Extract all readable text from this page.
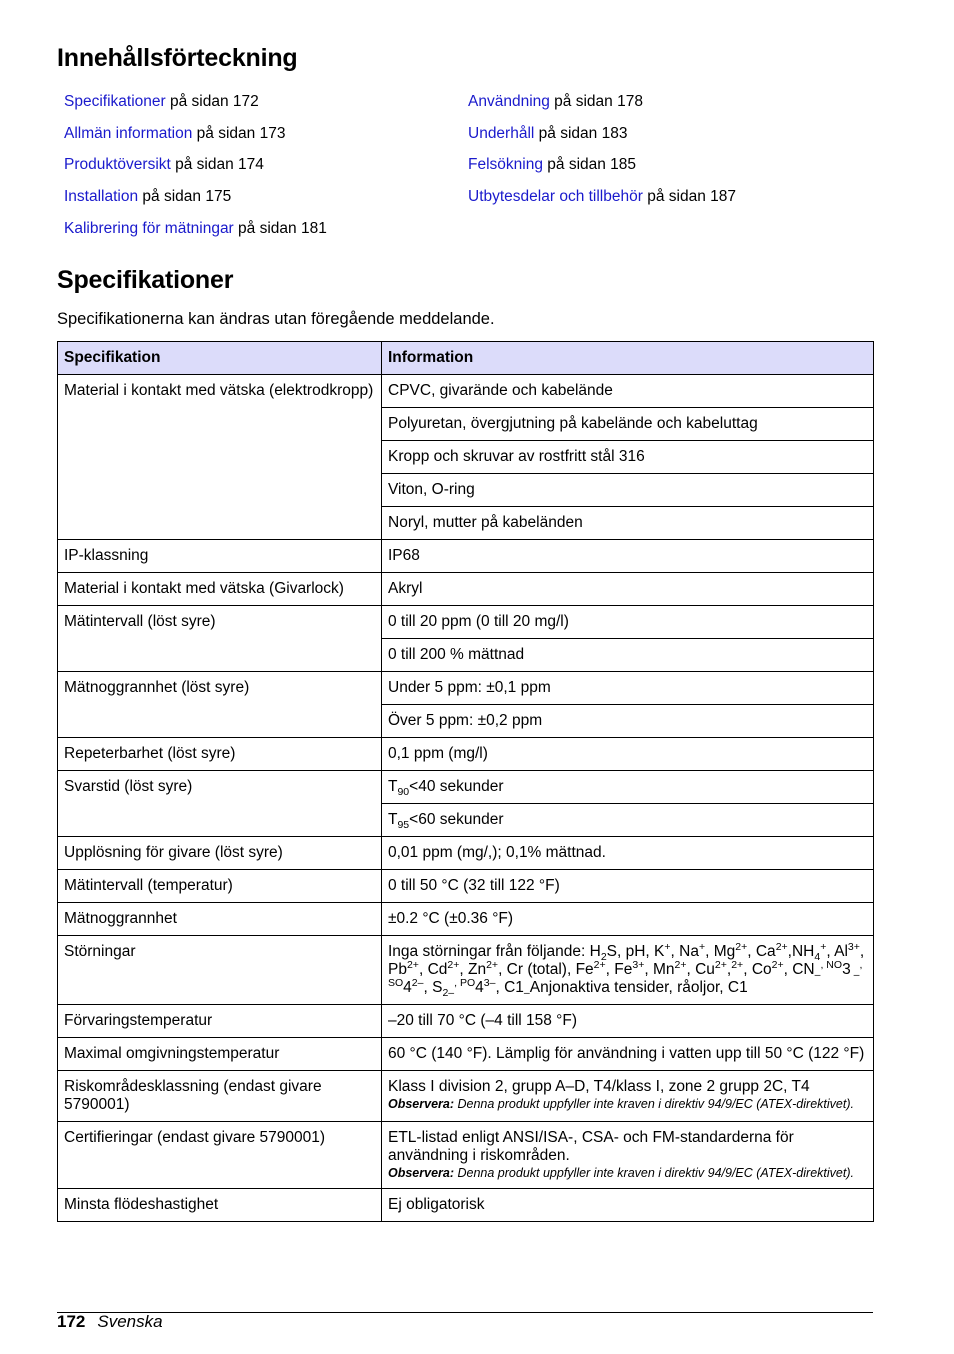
Innehållsförteckning
Specifikationer på sidan 172
Allmän information på sidan 173
Produktöversikt på sidan 174
Installation på sidan 175
Kalibrering för mätningar på sidan 181
Användning på sidan 178
Underhåll på sidan 183
Felsökning på sidan 185
Utbytesdelar och tillbehör på sidan 187
Specifikationer
Specifikationerna kan ändras utan föregående meddelande.
Specifikation	Information
Material i kontakt med vätska (elektrodkropp)	CPVC, givarände och kabelände
	Polyuretan, övergjutning på kabelände och kabeluttag
	Kropp och skruvar av rostfritt stål 316
	Viton, O-ring
	Noryl, mutter på kabeländen
IP-klassning	IP68
Material i kontakt med vätska (Givarlock)	Akryl
Mätintervall (löst syre)	0 till 20 ppm (0 till 20 mg/l)
	0 till 200 % mättnad
Mätnoggrannhet (löst syre)	Under 5 ppm: ±0,1 ppm
	Över 5 ppm: ±0,2 ppm
Repeterbarhet (löst syre)	0,1 ppm (mg/l)
Svarstid (löst syre)	$T_{90}<40$ sekunder
	$T_{95}<60$ sekunder
Upplösning för givare (löst syre)	0,01 ppm (mg/,); 0,1% mättnad.
Mätintervall (temperatur)	0 till 50 °C (32 till 122 °F)
Mätnoggrannhet	±0.2 °C (±0.36 °F)
Störningar	Inga störningar från följande: $H_2S$, pH, K+, Na+, $Mg^{2+}$, $Ca^{2+},NH_4^+$, $Al^{3+}$, $Pb^{2+}$, $Cd^{2+}$, $Zn^{2+}$, Cr (total), $Fe^{2+}$, $Fe^{3+}$, $Mn^{2+}$, $Cu^{2+},^{2+}$, $Co^{2+}$, $CN_-^{, NO}3$ $_-^{, SO}4^{2-}$, $S_{2-}^{, PO}4^{3-}$, $C1_-Anjonaktiva$ tensider, råoljor, C1
Förvaringstemperatur	–20 till 70 °C (–4 till 158 °F)
Maximal omgivningstemperatur	60 °C (140 °F). Lämplig för användning i vatten upp till 50 °C (122 °F)
Riskområdesklassning (endast givare 5790001)	Klass I division 2, grupp A–D, T4/klass I, zone 2 grupp 2C, T4
Observera: Denna produkt uppfyller inte kraven i direktiv 94/9/EC (ATEX-direktivet).

Certifieringar (endast givare 5790001)	ETL-listad enligt ANSI/ISA-, CSA- och FM-standarderna för användning i riskområden.
Observera: Denna produkt uppfyller inte kraven i direktiv 94/9/EC (ATEX-direktivet).

Minsta flödeshastighet	Ej obligatorisk
172 Svenska
